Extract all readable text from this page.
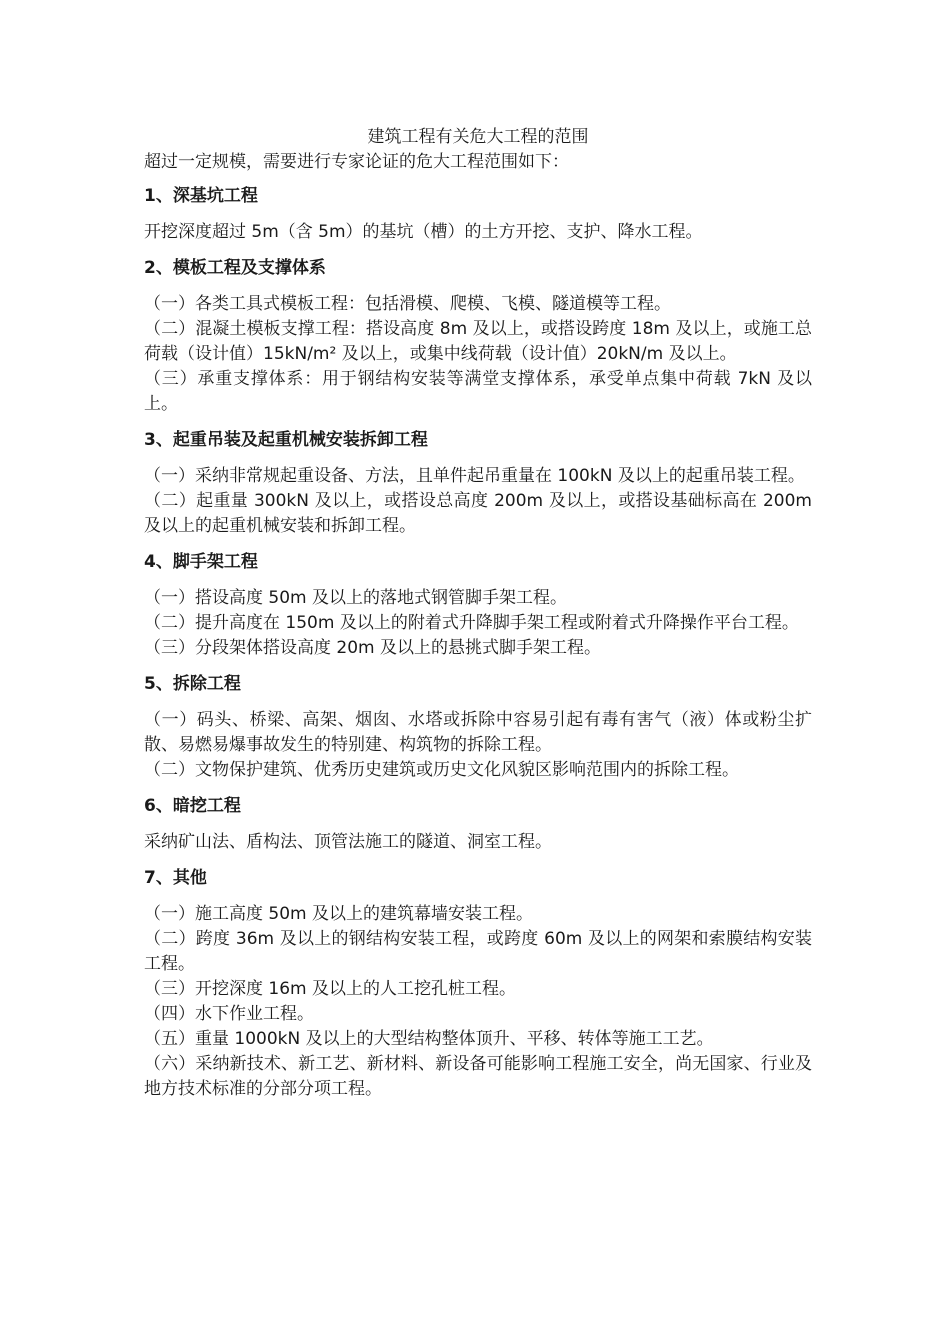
建筑工程有关危大工程的范围

超过一定规模，需要进行专家论证的危大工程范围如下：

1、深基坑工程

开挖深度超过 5m（含 5m）的基坑（槽）的土方开挖、支护、降水工程。

2、模板工程及支撑体系

（一）各类工具式模板工程：包括滑模、爬模、飞模、隧道模等工程。

（二）混凝土模板支撑工程：搭设高度 8m 及以上，或搭设跨度 18m 及以上，或施工总荷载（设计值）15kN/m² 及以上，或集中线荷载（设计值）20kN/m 及以上。

（三）承重支撑体系：用于钢结构安装等满堂支撑体系，承受单点集中荷载 7kN 及以上。

3、起重吊装及起重机械安装拆卸工程

（一）采纳非常规起重设备、方法，且单件起吊重量在 100kN 及以上的起重吊装工程。

（二）起重量 300kN 及以上，或搭设总高度 200m 及以上，或搭设基础标高在 200m 及以上的起重机械安装和拆卸工程。

4、脚手架工程

（一）搭设高度 50m 及以上的落地式钢管脚手架工程。

（二）提升高度在 150m 及以上的附着式升降脚手架工程或附着式升降操作平台工程。

（三）分段架体搭设高度 20m 及以上的悬挑式脚手架工程。

5、拆除工程

（一）码头、桥梁、高架、烟囱、水塔或拆除中容易引起有毒有害气（液）体或粉尘扩散、易燃易爆事故发生的特别建、构筑物的拆除工程。

（二）文物保护建筑、优秀历史建筑或历史文化风貌区影响范围内的拆除工程。

6、暗挖工程

采纳矿山法、盾构法、顶管法施工的隧道、洞室工程。

7、其他

（一）施工高度 50m 及以上的建筑幕墙安装工程。

（二）跨度 36m 及以上的钢结构安装工程，或跨度 60m 及以上的网架和索膜结构安装工程。

（三）开挖深度 16m 及以上的人工挖孔桩工程。

（四）水下作业工程。

（五）重量 1000kN 及以上的大型结构整体顶升、平移、转体等施工工艺。

（六）采纳新技术、新工艺、新材料、新设备可能影响工程施工安全，尚无国家、行业及地方技术标准的分部分项工程。
